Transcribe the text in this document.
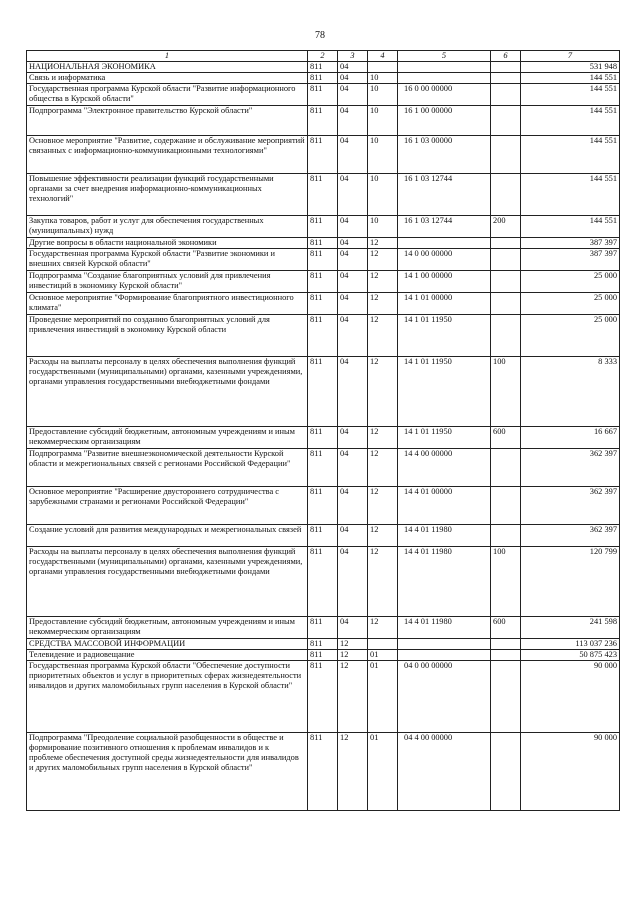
78
1	2	3	4	5	6	7
НАЦИОНАЛЬНАЯ ЭКОНОМИКА	811	04				531 948
Связь и информатика	811	04	10			144 551
Государственная программа Курской области "Развитие информационного общества в Курской области"	811	04	10	16 0 00 00000		144 551
Подпрограмма "Электронное правительство Курской области"	811	04	10	16 1 00 00000		144 551
Основное мероприятие "Развитие, содержание и обслуживание мероприятий связанных с информационно-коммуникационными технологиями"	811	04	10	16 1 03 00000		144 551
Повышение эффективности реализации функций государственными органами за счет внедрения информационно-коммуникационных технологий"	811	04	10	16 1 03 12744		144 551
Закупка товаров, работ и услуг для обеспечения государственных (муниципальных) нужд	811	04	10	16 1 03 12744	200	144 551
Другие вопросы в области национальной экономики	811	04	12			387 397
Государственная программа Курской области "Развитие экономики и внешних связей Курской области"	811	04	12	14 0 00 00000		387 397
Подпрограмма "Создание благоприятных условий для привлечения инвестиций в экономику Курской области"	811	04	12	14 1 00 00000		25 000
Основное мероприятие "Формирование благоприятного инвестиционного климата"	811	04	12	14 1 01 00000		25 000
Проведение мероприятий по созданию благоприятных условий для привлечения инвестиций в экономику Курской области	811	04	12	14 1 01 11950		25 000
Расходы на выплаты персоналу в целях обеспечения выполнения функций государственными (муниципальными) органами, казенными учреждениями, органами управления государственными внебюджетными фондами	811	04	12	14 1 01 11950	100	8 333
Предоставление субсидий бюджетным, автономным учреждениям и иным некоммерческим организациям	811	04	12	14 1 01 11950	600	16 667
Подпрограмма "Развитие внешнеэкономической деятельности Курской области и межрегиональных связей с регионами Российской Федерации"	811	04	12	14 4 00 00000		362 397
Основное мероприятие "Расширение двустороннего сотрудничества с зарубежными странами и регионами Российской Федерации"	811	04	12	14 4 01 00000		362 397
Создание условий для развития международных и межрегиональных связей	811	04	12	14 4 01 11980		362 397
Расходы на выплаты персоналу в целях обеспечения выполнения функций государственными (муниципальными) органами, казенными учреждениями, органами управления государственными внебюджетными фондами	811	04	12	14 4 01 11980	100	120 799
Предоставление субсидий бюджетным, автономным учреждениям и иным некоммерческим организациям	811	04	12	14 4 01 11980	600	241 598
СРЕДСТВА МАССОВОЙ ИНФОРМАЦИИ	811	12				113 037 236
Телевидение и радиовещание	811	12	01			50 875 423
Государственная программа Курской области "Обеспечение доступности приоритетных объектов и услуг в приоритетных сферах жизнедеятельности инвалидов и других маломобильных групп населения в Курской области"	811	12	01	04 0 00 00000		90 000
Подпрограмма "Преодоление социальной разобщенности в обществе и формирование позитивного отношения к проблемам инвалидов и к проблеме обеспечения доступной среды жизнедеятельности для инвалидов и других маломобильных групп населения в Курской области"	811	12	01	04 4 00 00000		90 000
